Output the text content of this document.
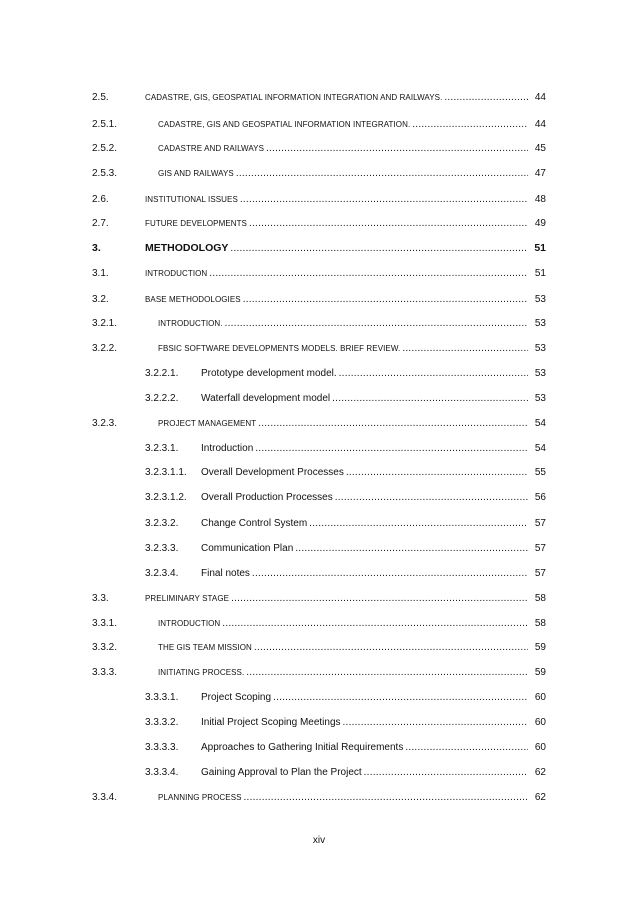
2.5.	CADASTRE, GIS, GEOSPATIAL INFORMATION INTEGRATION AND RAILWAYS. .....	44
2.5.1.	CADASTRE, GIS AND GEOSPATIAL INFORMATION INTEGRATION. .....	44
2.5.2.	CADASTRE AND RAILWAYS .....	45
2.5.3.	GIS AND RAILWAYS .....	47
2.6.	INSTITUTIONAL ISSUES .....	48
2.7.	FUTURE DEVELOPMENTS .....	49
3.	METHODOLOGY .....	51
3.1.	INTRODUCTION .....	51
3.2.	BASE METHODOLOGIES .....	53
3.2.1.	INTRODUCTION. .....	53
3.2.2.	FBSIC SOFTWARE DEVELOPMENTS MODELS. BRIEF REVIEW. .....	53
3.2.2.1. Prototype development model. .....	53
3.2.2.2. Waterfall development model .....	53
3.2.3.	PROJECT MANAGEMENT .....	54
3.2.3.1. Introduction .....	54
3.2.3.1.1. Overall Development Processes .....	55
3.2.3.1.2. Overall Production Processes .....	56
3.2.3.2. Change Control System .....	57
3.2.3.3. Communication Plan .....	57
3.2.3.4. Final notes .....	57
3.3.	PRELIMINARY STAGE .....	58
3.3.1.	INTRODUCTION .....	58
3.3.2.	THE GIS TEAM MISSION .....	59
3.3.3.	INITIATING PROCESS. .....	59
3.3.3.1. Project Scoping .....	60
3.3.3.2. Initial Project Scoping Meetings .....	60
3.3.3.3. Approaches to Gathering Initial Requirements .....	60
3.3.3.4. Gaining Approval to Plan the Project .....	62
3.3.4.	PLANNING PROCESS .....	62
xiv
